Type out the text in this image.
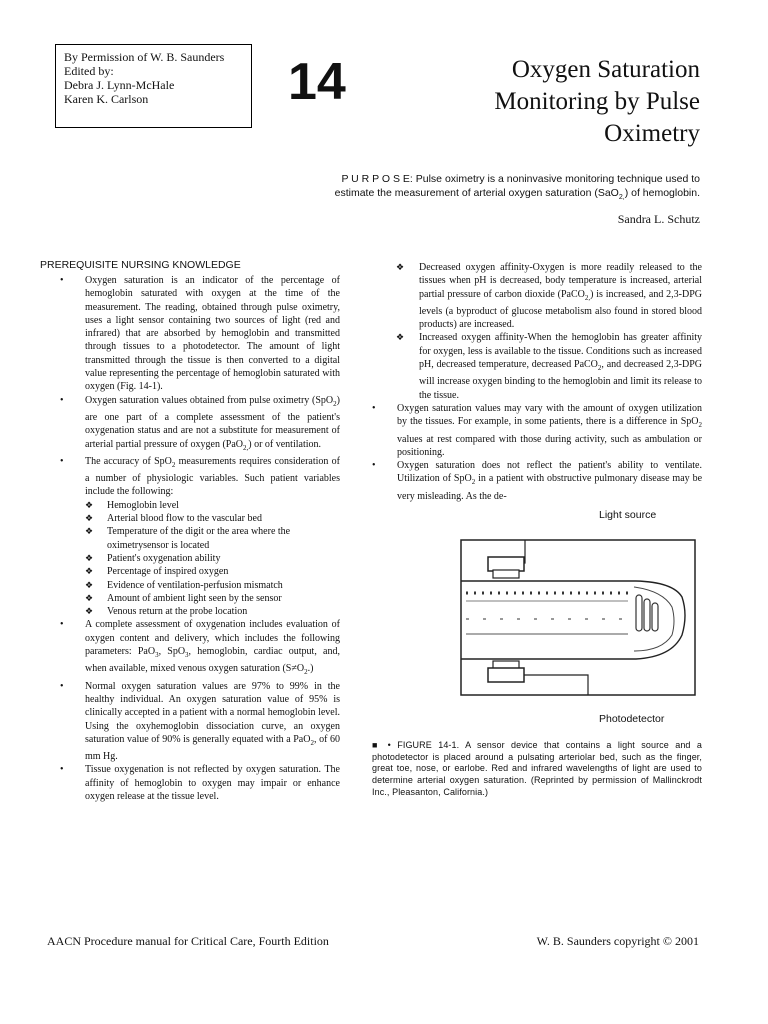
By Permission of W. B. Saunders
Edited by:
Debra J. Lynn-McHale
Karen K. Carlson	14	Oxygen Saturation
Monitoring by Pulse
Oximetry
P U R P O S E: Pulse oximetry is a noninvasive monitoring technique used to
estimate the measurement of arterial oxygen saturation (SaO$_{2,}$) of hemoglobin.
Sandra L. Schutz
PREREQUISITE NURSING KNOWLEDGE
• Oxygen saturation is an indicator of the percentage of hemoglobin saturated with oxygen at the time of the measurement. The reading, obtained through pulse oximetry, uses a light sensor containing two sources of light (red and infrared) that are absorbed by hemoglobin and transmitted through tissues to a photodetector. The amount of light transmitted through the tissue is then converted to a digital value representing the percentage of hemoglobin saturated with oxygen (Fig. 14-1).
• Oxygen saturation values obtained from pulse oximetry (SpO$_2$) are one part of a complete assessment of the patient's oxygenation status and are not a substitute for measurement of arterial partial pressure of oxygen (PaO$_{2,}$) or of ventilation.
• The accuracy of SpO$_2$ measurements requires consideration of a number of physiologic variables. Such patient variables include the following:
❖ Hemoglobin level
❖ Arterial blood flow to the vascular bed
❖ Temperature of the digit or the area where the oximetrysensor is located
❖ Patient's oxygenation ability
❖ Percentage of inspired oxygen
❖ Evidence of ventilation-perfusion mismatch
❖ Amount of ambient light seen by the sensor
❖ Venous return at the probe location
• A complete assessment of oxygenation includes evaluation of oxygen content and delivery, which includes the following parameters: PaO$_3$, SpO$_3$, hemoglobin, cardiac output, and, when available, mixed venous oxygen saturation $(S\ne O_2.)$
• Normal oxygen saturation values are 97% to 99% in the healthy individual. An oxygen saturation value of 95% is clinically accepted in a patient with a normal hemoglobin level. Using the oxyhemoglobin dissociation curve, an oxygen saturation value of 90% is generally equated with a PaO$_2$, of 60 mm Hg.
• Tissue oxygenation is not reflected by oxygen saturation. The affinity of hemoglobin to oxygen may impair or enhance oxygen release at the tissue level.
❖ Decreased oxygen affinity-Oxygen is more readily released to the tissues when pH is decreased, body temperature is increased, arterial partial pressure of carbon dioxide (PaCO$_{2,}$) is increased, and 2,3-DPG levels (a byproduct of glucose metabolism also found in stored blood products) are increased.
❖ Increased oxygen affinity-When the hemoglobin has greater affinity for oxygen, less is available to the tissue. Conditions such as increased pH, decreased temperature, decreased PaCO$_2$, and decreased 2,3-DPG will increase oxygen binding to the hemoglobin and limit its release to the tissue.
• Oxygen saturation values may vary with the amount of oxygen utilization by the tissues. For example, in some patients, there is a difference in SpO$_2$ values at rest compared with those during activity, such as ambulation or positioning.
• Oxygen saturation does not reflect the patient's ability to ventilate. Utilization of SpO$_2$ in a patient with obstructive pulmonary disease may be very misleading. As the de-
Light source
Photodetector
■ • FIGURE 14-1. A sensor device that contains a light source and a photodetector is placed around a pulsating arteriolar bed, such as the finger, great toe, nose, or earlobe. Red and infrared wavelengths of light are used to determine arterial oxygen saturation. (Reprinted by permission of Mallinckrodt Inc., Pleasanton, California.)
AACN Procedure manual for Critical Care, Fourth Edition	W. B. Saunders copyright © 2001
